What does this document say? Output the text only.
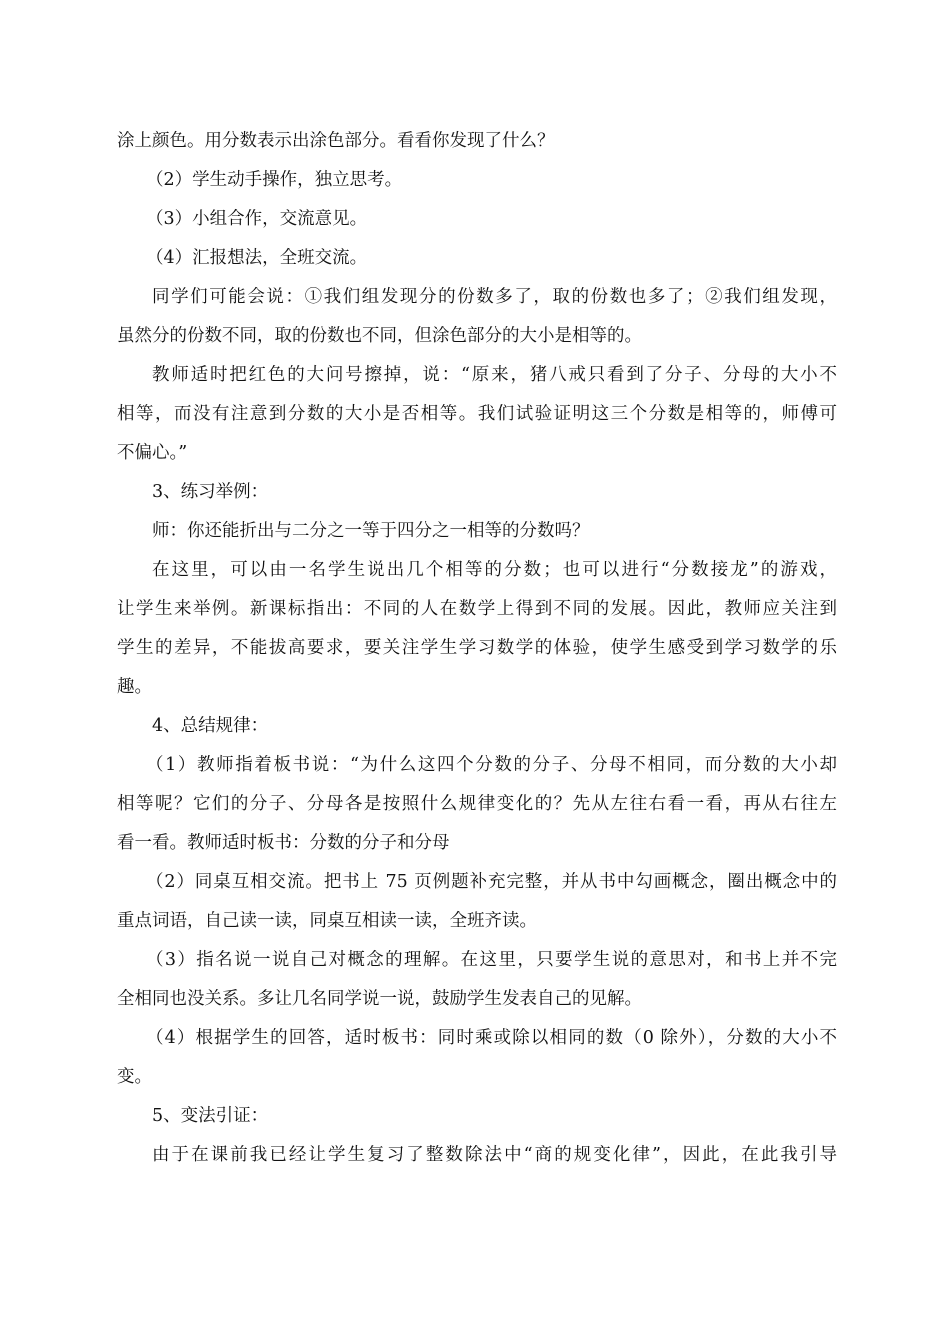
涂上颜色。用分数表示出涂色部分。看看你发现了什么？

（2）学生动手操作，独立思考。

（3）小组合作，交流意见。

（4）汇报想法，全班交流。

同学们可能会说：①我们组发现分的份数多了，取的份数也多了；②我们组发现，
虽然分的份数不同，取的份数也不同，但涂色部分的大小是相等的。

教师适时把红色的大问号擦掉，说：“原来，猪八戒只看到了分子、分母的大小不
相等，而没有注意到分数的大小是否相等。我们试验证明这三个分数是相等的，师傅可
不偏心。”

3、练习举例：

师：你还能折出与二分之一等于四分之一相等的分数吗？

在这里，可以由一名学生说出几个相等的分数；也可以进行“分数接龙”的游戏，
让学生来举例。新课标指出：不同的人在数学上得到不同的发展。因此，教师应关注到
学生的差异，不能拔高要求，要关注学生学习数学的体验，使学生感受到学习数学的乐
趣。

4、总结规律：

（1）教师指着板书说：“为什么这四个分数的分子、分母不相同，而分数的大小却
相等呢？它们的分子、分母各是按照什么规律变化的？先从左往右看一看，再从右往左
看一看。教师适时板书：分数的分子和分母

（2）同桌互相交流。把书上 75 页例题补充完整，并从书中勾画概念，圈出概念中的
重点词语，自己读一读，同桌互相读一读，全班齐读。

（3）指名说一说自己对概念的理解。在这里，只要学生说的意思对，和书上并不完
全相同也没关系。多让几名同学说一说，鼓励学生发表自己的见解。

（4）根据学生的回答，适时板书：同时乘或除以相同的数（0 除外），分数的大小不
变。

5、变法引证：

由于在课前我已经让学生复习了整数除法中“商的规变化律”，因此，在此我引导
